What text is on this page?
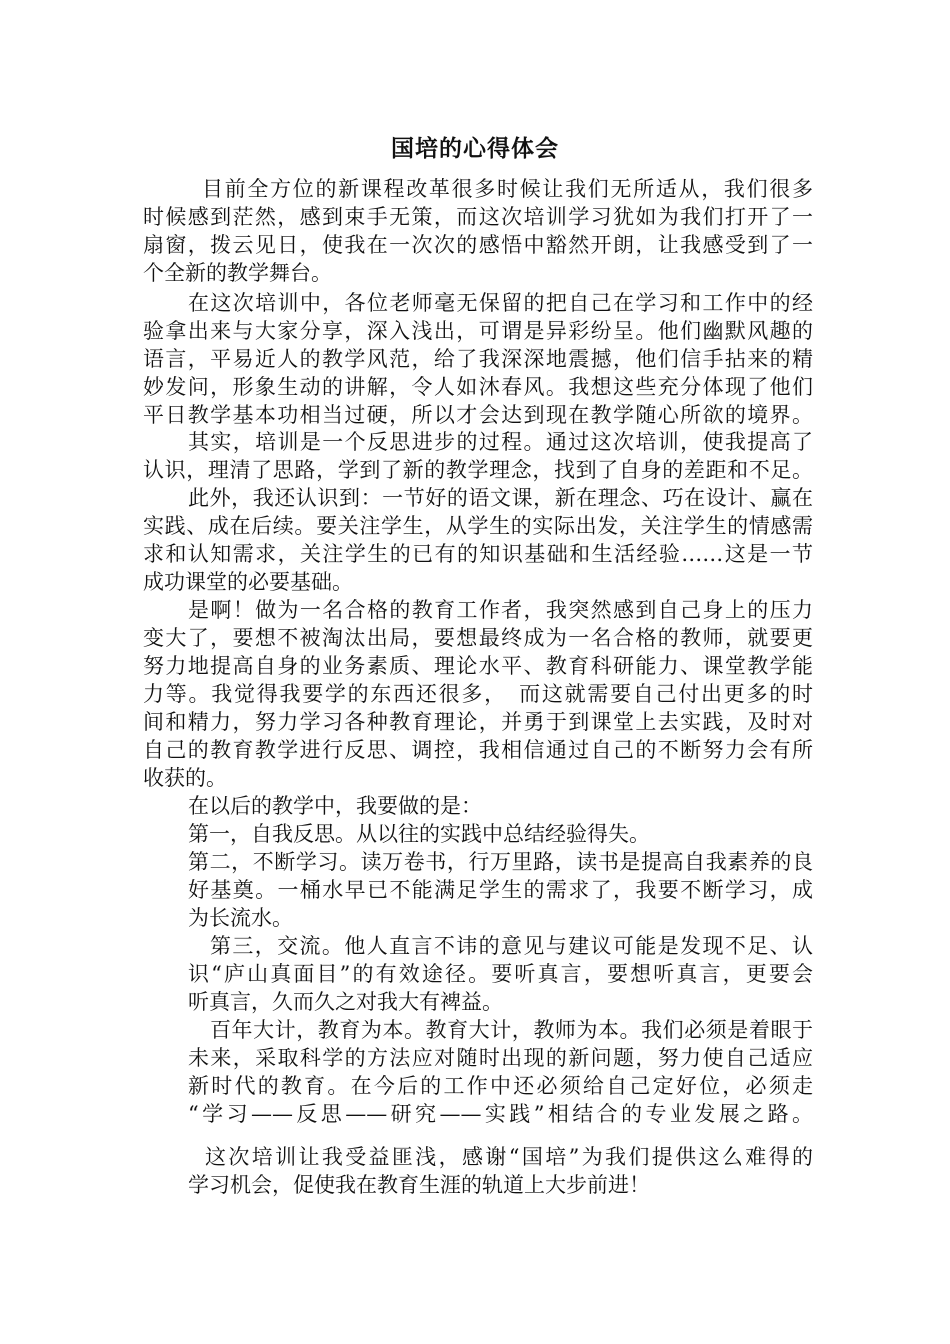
国培的心得体会
目前全方位的新课程改革很多时候让我们无所适从，我们很多
时候感到茫然，感到束手无策，而这次培训学习犹如为我们打开了一
扇窗，拨云见日，使我在一次次的感悟中豁然开朗，让我感受到了一
个全新的教学舞台。
在这次培训中，各位老师毫无保留的把自己在学习和工作中的经
验拿出来与大家分享，深入浅出，可谓是异彩纷呈。他们幽默风趣的
语言，平易近人的教学风范，给了我深深地震撼，他们信手拈来的精
妙发问，形象生动的讲解，令人如沐春风。我想这些充分体现了他们
平日教学基本功相当过硬，所以才会达到现在教学随心所欲的境界。
其实，培训是一个反思进步的过程。通过这次培训，使我提高了
认识，理清了思路，学到了新的教学理念，找到了自身的差距和不足。
此外，我还认识到：一节好的语文课，新在理念、巧在设计、赢在
实践、成在后续。要关注学生，从学生的实际出发，关注学生的情感需
求和认知需求，关注学生的已有的知识基础和生活经验……这是一节
成功课堂的必要基础。
是啊！做为一名合格的教育工作者，我突然感到自己身上的压力
变大了，要想不被淘汰出局，要想最终成为一名合格的教师，就要更
努力地提高自身的业务素质、理论水平、教育科研能力、课堂教学能
力等。我觉得我要学的东西还很多，　而这就需要自己付出更多的时
间和精力，努力学习各种教育理论，并勇于到课堂上去实践，及时对
自己的教育教学进行反思、调控，我相信通过自己的不断努力会有所
收获的。
在以后的教学中，我要做的是：
第一，自我反思。从以往的实践中总结经验得失。
第二，不断学习。读万卷书，行万里路，读书是提高自我素养的良
好基奠。一桶水早已不能满足学生的需求了，我要不断学习，成
为长流水。
第三，交流。他人直言不讳的意见与建议可能是发现不足、认
识“庐山真面目”的有效途径。要听真言，要想听真言，更要会
听真言，久而久之对我大有裨益。
百年大计，教育为本。教育大计，教师为本。我们必须是着眼于
未来，采取科学的方法应对随时出现的新问题，努力使自己适应
新时代的教育。在今后的工作中还必须给自己定好位，必须走
“学习——反思——研究——实践”相结合的专业发展之路。
这次培训让我受益匪浅，感谢“国培”为我们提供这么难得的
学习机会，促使我在教育生涯的轨道上大步前进！
